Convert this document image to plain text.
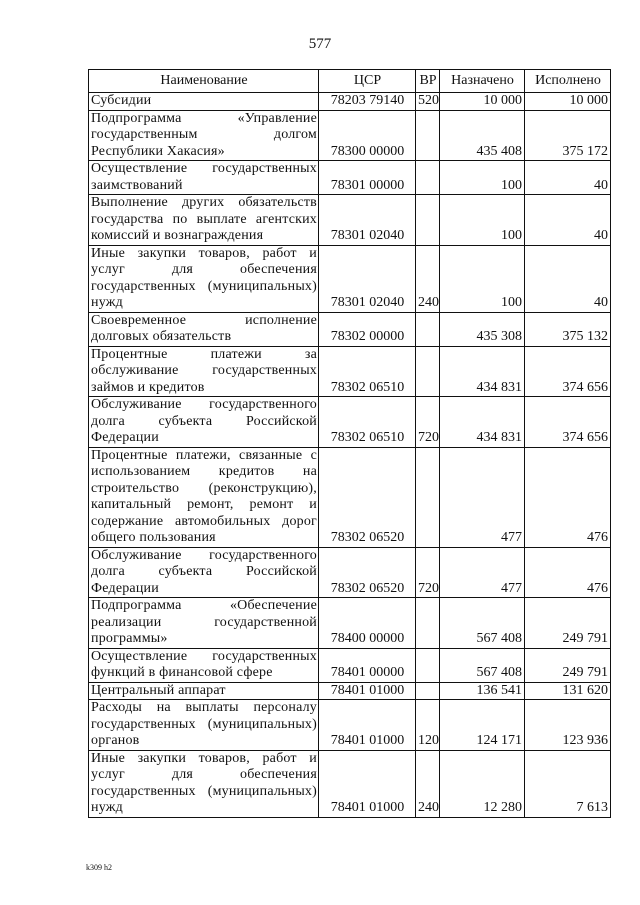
577
Наименование	ЦСР	ВР	Назначено	Исполнено
Субсидии	78203 79140	520	10 000	10 000
Подпрограмма «Управление государственным долгом Республики Хакасия»	78300 00000		435 408	375 172
Осуществление государственных заимствований	78301 00000		100	40
Выполнение других обязательств государства по выплате агентских комиссий и вознаграждения	78301 02040		100	40
Иные закупки товаров, работ и услуг для обеспечения государственных (муниципальных) нужд	78301 02040	240	100	40
Своевременное исполнение долговых обязательств	78302 00000		435 308	375 132
Процентные платежи за обслуживание государственных займов и кредитов	78302 06510		434 831	374 656
Обслуживание государственного долга субъекта Российской Федерации	78302 06510	720	434 831	374 656
Процентные платежи, связанные с использованием кредитов на строительство (реконструкцию), капитальный ремонт, ремонт и содержание автомобильных дорог общего пользования	78302 06520		477	476
Обслуживание государственного долга субъекта Российской Федерации	78302 06520	720	477	476
Подпрограмма «Обеспечение реализации государственной программы»	78400 00000		567 408	249 791
Осуществление государственных функций в финансовой сфере	78401 00000		567 408	249 791
Центральный аппарат	78401 01000		136 541	131 620
Расходы на выплаты персоналу государственных (муниципальных) органов	78401 01000	120	124 171	123 936
Иные закупки товаров, работ и услуг для обеспечения государственных (муниципальных) нужд	78401 01000	240	12 280	7 613
k309 h2
